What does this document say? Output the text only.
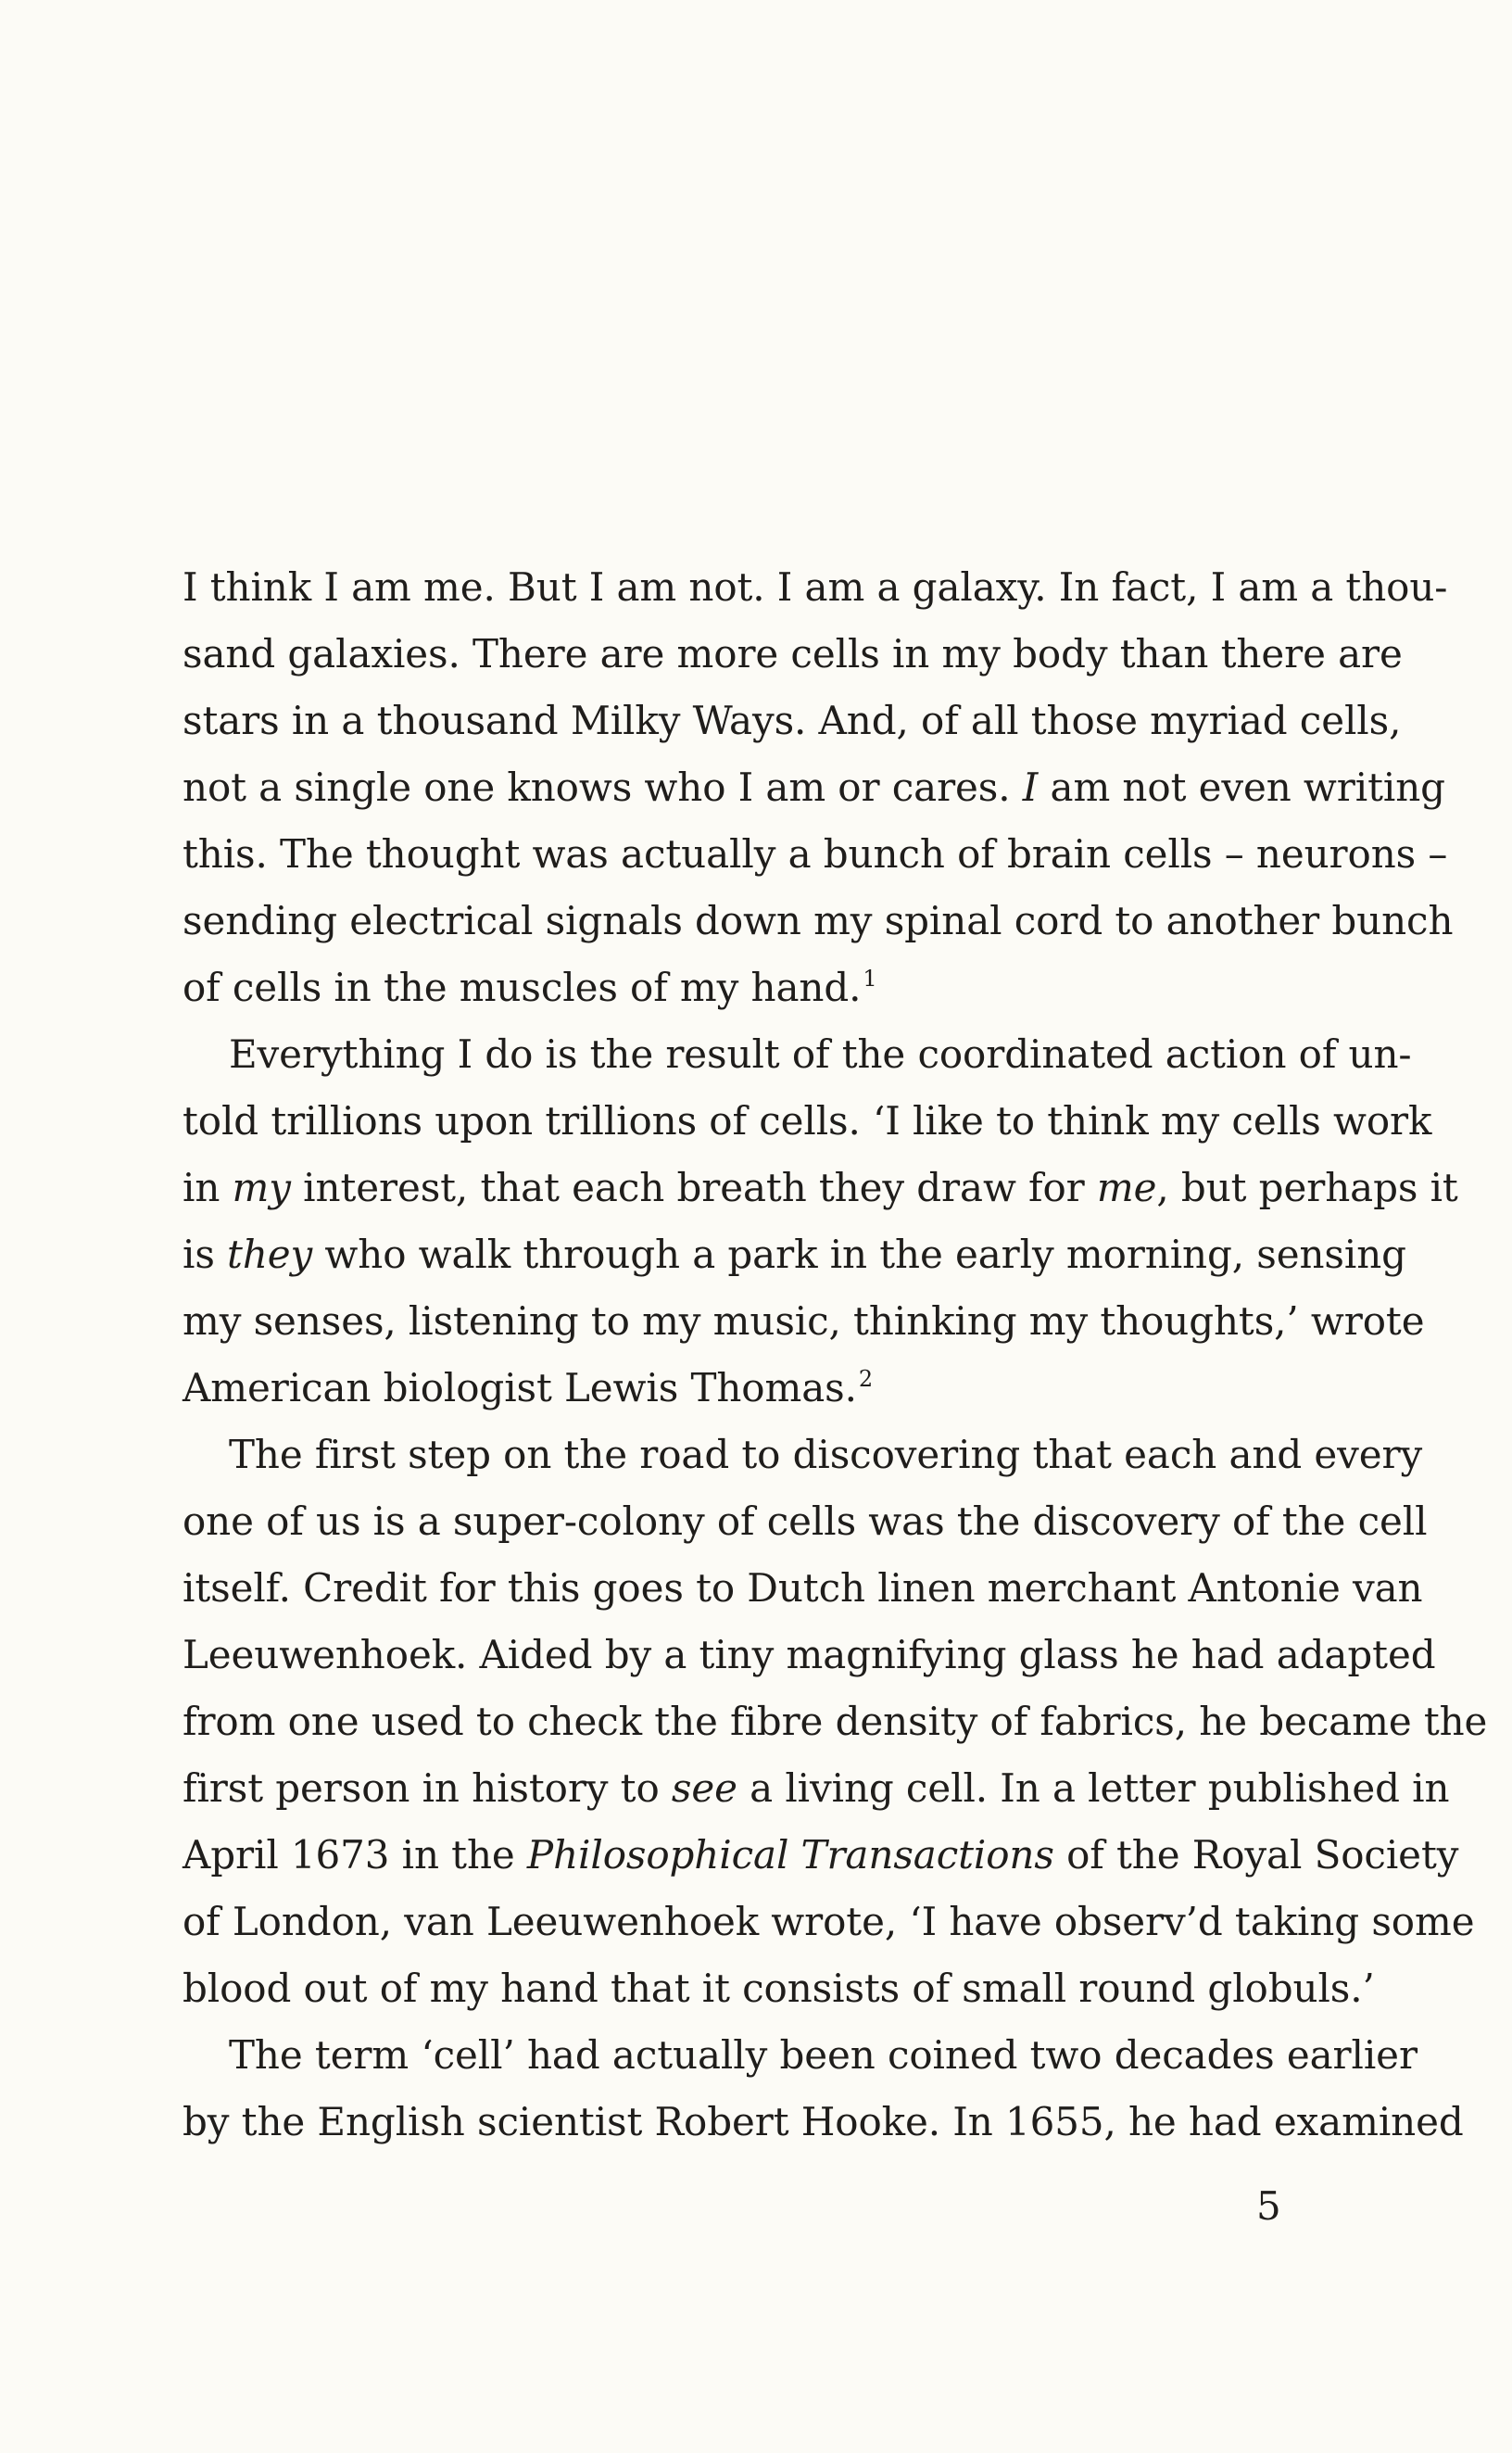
I think I am me. But I am not. I am a galaxy. In fact, I am a thou-
sand galaxies. There are more cells in my body than there are
stars in a thousand Milky Ways. And, of all those myriad cells,
not a single one knows who I am or cares. I am not even writing
this. The thought was actually a bunch of brain cells – neurons –
sending electrical signals down my spinal cord to another bunch
of cells in the muscles of my hand.$^1$
Everything I do is the result of the coordinated action of un-
told trillions upon trillions of cells. ‘I like to think my cells work
in my interest, that each breath they draw for me, but perhaps it
is they who walk through a park in the early morning, sensing
my senses, listening to my music, thinking my thoughts,’ wrote
American biologist Lewis Thomas.$^2$
The first step on the road to discovering that each and every
one of us is a super-colony of cells was the discovery of the cell
itself. Credit for this goes to Dutch linen merchant Antonie van
Leeuwenhoek. Aided by a tiny magnifying glass he had adapted
from one used to check the fibre density of fabrics, he became the
first person in history to see a living cell. In a letter published in
April 1673 in the Philosophical Transactions of the Royal Society
of London, van Leeuwenhoek wrote, ‘I have observ’d taking some
blood out of my hand that it consists of small round globuls.’
The term ‘cell’ had actually been coined two decades earlier
by the English scientist Robert Hooke. In 1655, he had examined
5
